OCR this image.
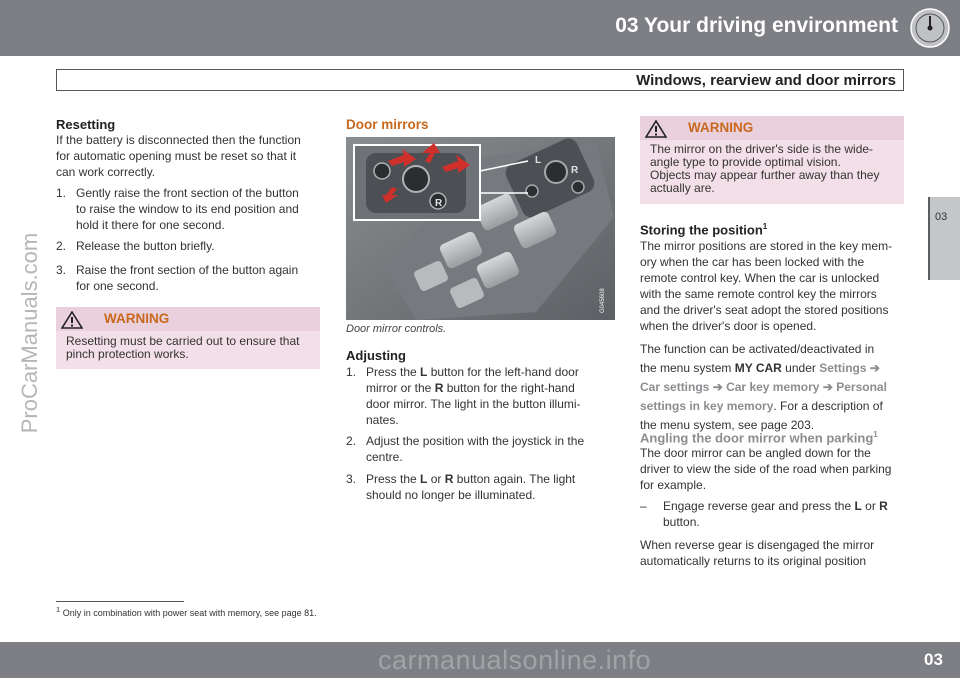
03 Your driving environment
Windows, rearview and door mirrors
03
ProCarManuals.com
Resetting
If the battery is disconnected then the function
for automatic opening must be reset so that it
can work correctly.
1. Gently raise the front section of the button
to raise the window to its end position and
hold it there for one second.
2. Release the button briefly.
3. Raise the front section of the button again
for one second.
WARNING
Resetting must be carried out to ensure that
pinch protection works.
Door mirrors
L
R
R
G045608
Door mirror controls.
Adjusting
1. Press the L button for the left-hand door
mirror or the R button for the right-hand
door mirror. The light in the button illumi-
nates.
2. Adjust the position with the joystick in the
centre.
3. Press the L or R button again. The light
should no longer be illuminated.
WARNING
The mirror on the driver's side is the wide-
angle type to provide optimal vision.
Objects may appear further away than they
actually are.
Storing the position$^1$
The mirror positions are stored in the key mem-
ory when the car has been locked with the
remote control key. When the car is unlocked
with the same remote control key the mirrors
and the driver's seat adopt the stored positions
when the driver's door is opened.
The function can be activated/deactivated in
the menu system MY CAR under Settings ➔
Car settings ➔ Car key memory ➔ Personal
settings in key memory. For a description of
the menu system, see page 203.
Angling the door mirror when parking$^1$
The door mirror can be angled down for the
driver to view the side of the road when parking
for example.
–	Engage reverse gear and press the L or R
button.
When reverse gear is disengaged the mirror
automatically returns to its original position
$^1$ Only in combination with power seat with memory, see page 81.
carmanualsonline.info	03
